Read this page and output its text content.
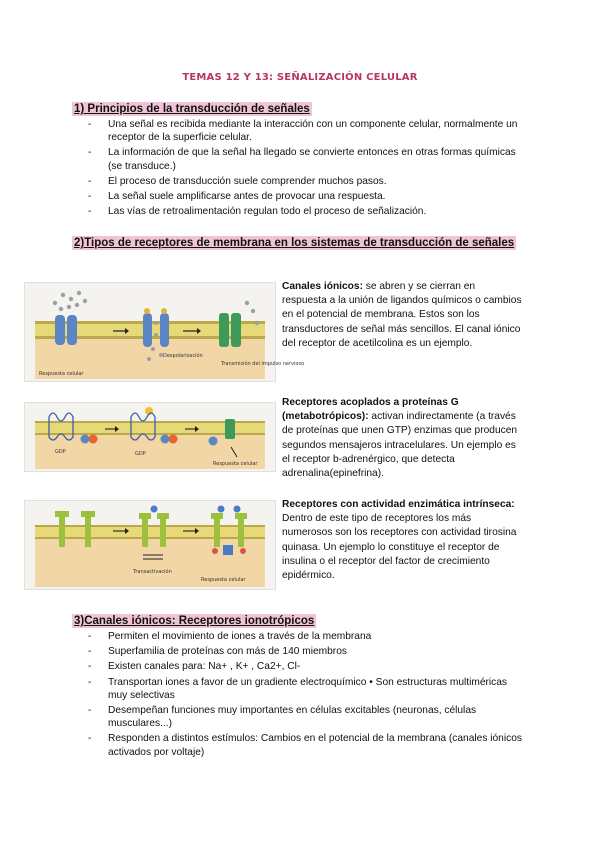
TEMAS 12 Y 13: SEÑALIZACIÓN CELULAR
1) Principios de la transducción de señales
- Una señal es recibida mediante la interacción con un componente celular, normalmente un receptor de la superficie celular.
- La información de que la señal ha llegado se convierte entonces en otras formas químicas (se transduce.)
- El proceso de transducción suele comprender muchos pasos.
- La señal suele amplificarse antes de provocar una respuesta.
- Las vías de retroalimentación regulan todo el proceso de señalización.
2)Tipos de receptores de membrana en los sistemas de transducción de señales
Respuesta celular
Despolarización
Transmisión del impulso nervioso
Canales iónicos: se abren y se cierran en respuesta a la unión de ligandos químicos o cambios en el potencial de membrana. Estos son los transductores de señal más sencillos. El canal iónico del receptor de acetilcolina es un ejemplo.
GDP	GDP
Respuesta celular
Receptores acoplados a proteínas G (metabotrópicos): activan indirectamente (a través de proteínas que unen GTP) enzimas que producen segundos mensajeros intracelulares. Un ejemplo es el receptor b-adrenérgico, que detecta adrenalina(epinefrina).
Transactivación
Respuesta celular
Receptores con actividad enzimática intrínseca: Dentro de este tipo de receptores los más numerosos son los receptores con actividad tirosina quinasa. Un ejemplo lo constituye el receptor de insulina o el receptor del factor de crecimiento epidérmico.
3)Canales iónicos: Receptores ionotrópicos
- Permiten el movimiento de iones a través de la membrana
- Superfamilia de proteínas con más de 140 miembros
- Existen canales para: Na+ , K+ , Ca2+, Cl-
- Transportan iones a favor de un gradiente electroquímico • Son estructuras multiméricas muy selectivas
- Desempeñan funciones muy importantes en células excitables (neuronas, células musculares...)
- Responden a distintos estímulos: Cambios en el potencial de la membrana (canales iónicos activados por voltaje)
